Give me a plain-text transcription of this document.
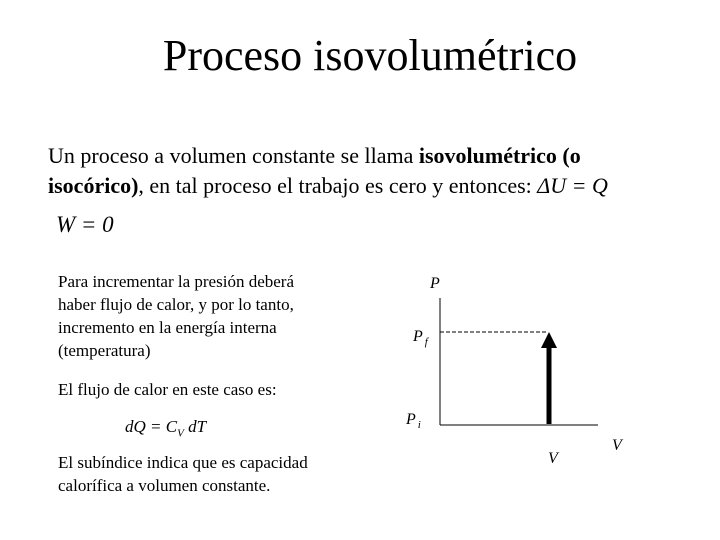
Proceso isovolumétrico
Un proceso a volumen constante se llama isovolumétrico (o
isocórico), en tal proceso el trabajo es cero y entonces: ΔU = Q
W = 0
Para incrementar la presión deberá
haber flujo de calor, y por lo tanto,
incremento en la energía interna
(temperatura)
El flujo de calor en este caso es:
dQ = $C_V$ dT
El subíndice indica que es capacidad
calorífica a volumen constante.
P
P $_f$
P $_i$
V
V
